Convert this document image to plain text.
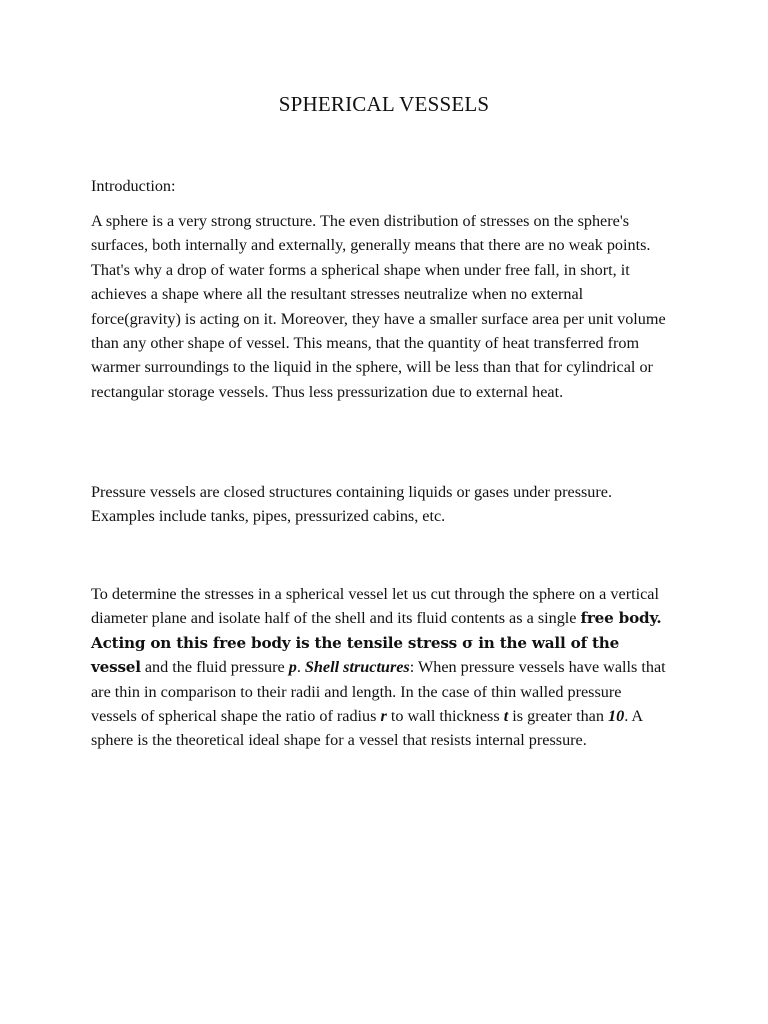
SPHERICAL VESSELS

Introduction:

A sphere is a very strong structure. The even distribution of stresses on the sphere's surfaces, both internally and externally, generally means that there are no weak points. That's why a drop of water forms a spherical shape when under free fall, in short, it achieves a shape where all the resultant stresses neutralize when no external force(gravity) is acting on it. Moreover, they have a smaller surface area per unit volume than any other shape of vessel. This means, that the quantity of heat transferred from warmer surroundings to the liquid in the sphere, will be less than that for cylindrical or rectangular storage vessels. Thus less pressurization due to external heat.

Pressure vessels are closed structures containing liquids or gases under pressure. Examples include tanks, pipes, pressurized cabins, etc.

To determine the stresses in a spherical vessel let us cut through the sphere on a vertical diameter plane and isolate half of the shell and its fluid contents as a single free body. Acting on this free body is the tensile stress σ in the wall of the vessel and the fluid pressure p. Shell structures: When pressure vessels have walls that are thin in comparison to their radii and length. In the case of thin walled pressure vessels of spherical shape the ratio of radius r to wall thickness t is greater than 10. A sphere is the theoretical ideal shape for a vessel that resists internal pressure.
